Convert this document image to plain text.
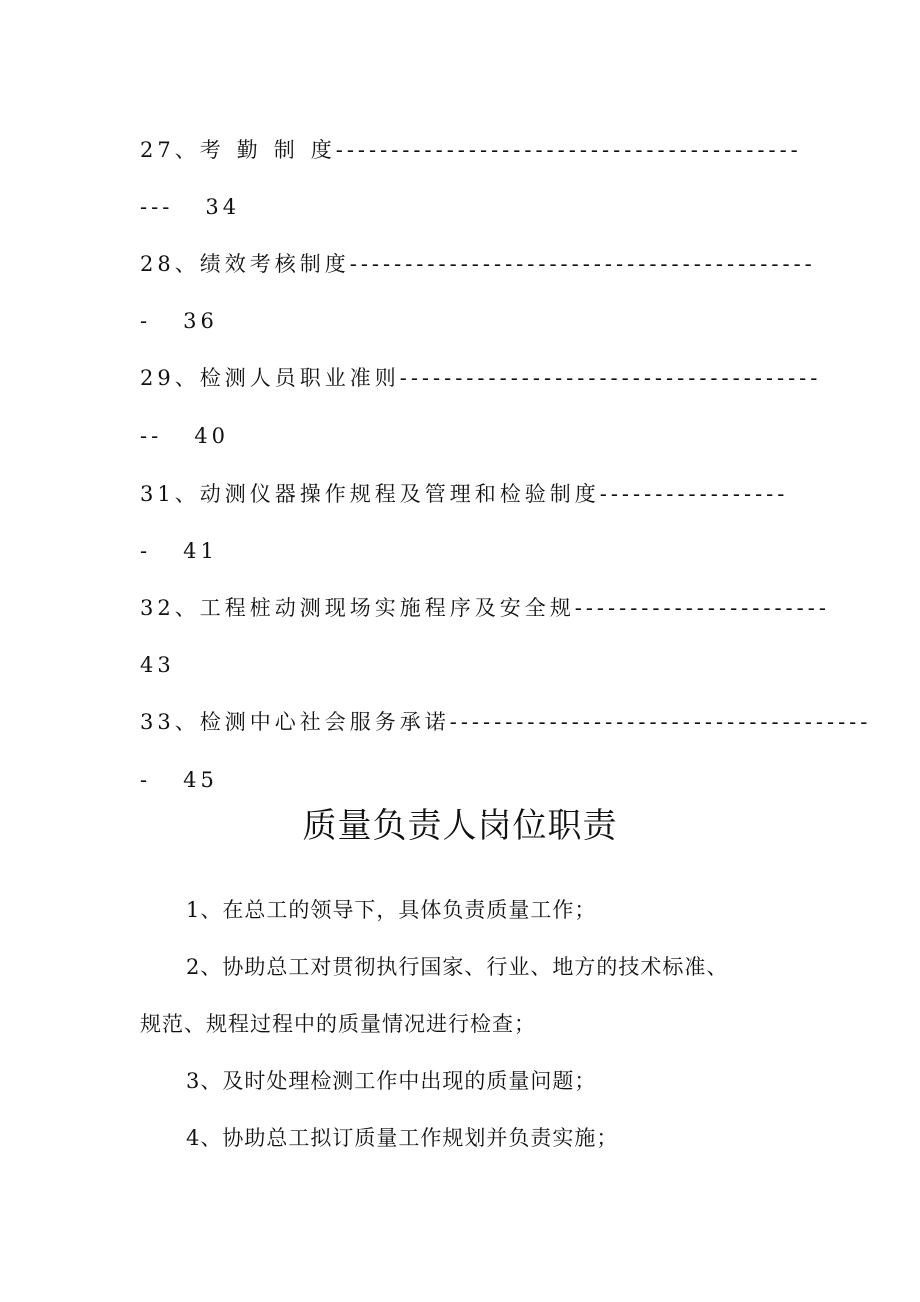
27、考勤制度------------------------------------------
--- 34
28、绩效考核制度------------------------------------------
- 36
29、检测人员职业准则--------------------------------------
-- 40
31、动测仪器操作规程及管理和检验制度-----------------
- 41
32、工程桩动测现场实施程序及安全规-----------------------
43
33、检测中心社会服务承诺--------------------------------------
- 45
质量负责人岗位职责
1、在总工的领导下，具体负责质量工作；
2、协助总工对贯彻执行国家、行业、地方的技术标准、
规范、规程过程中的质量情况进行检查；
3、及时处理检测工作中出现的质量问题；
4、协助总工拟订质量工作规划并负责实施；
